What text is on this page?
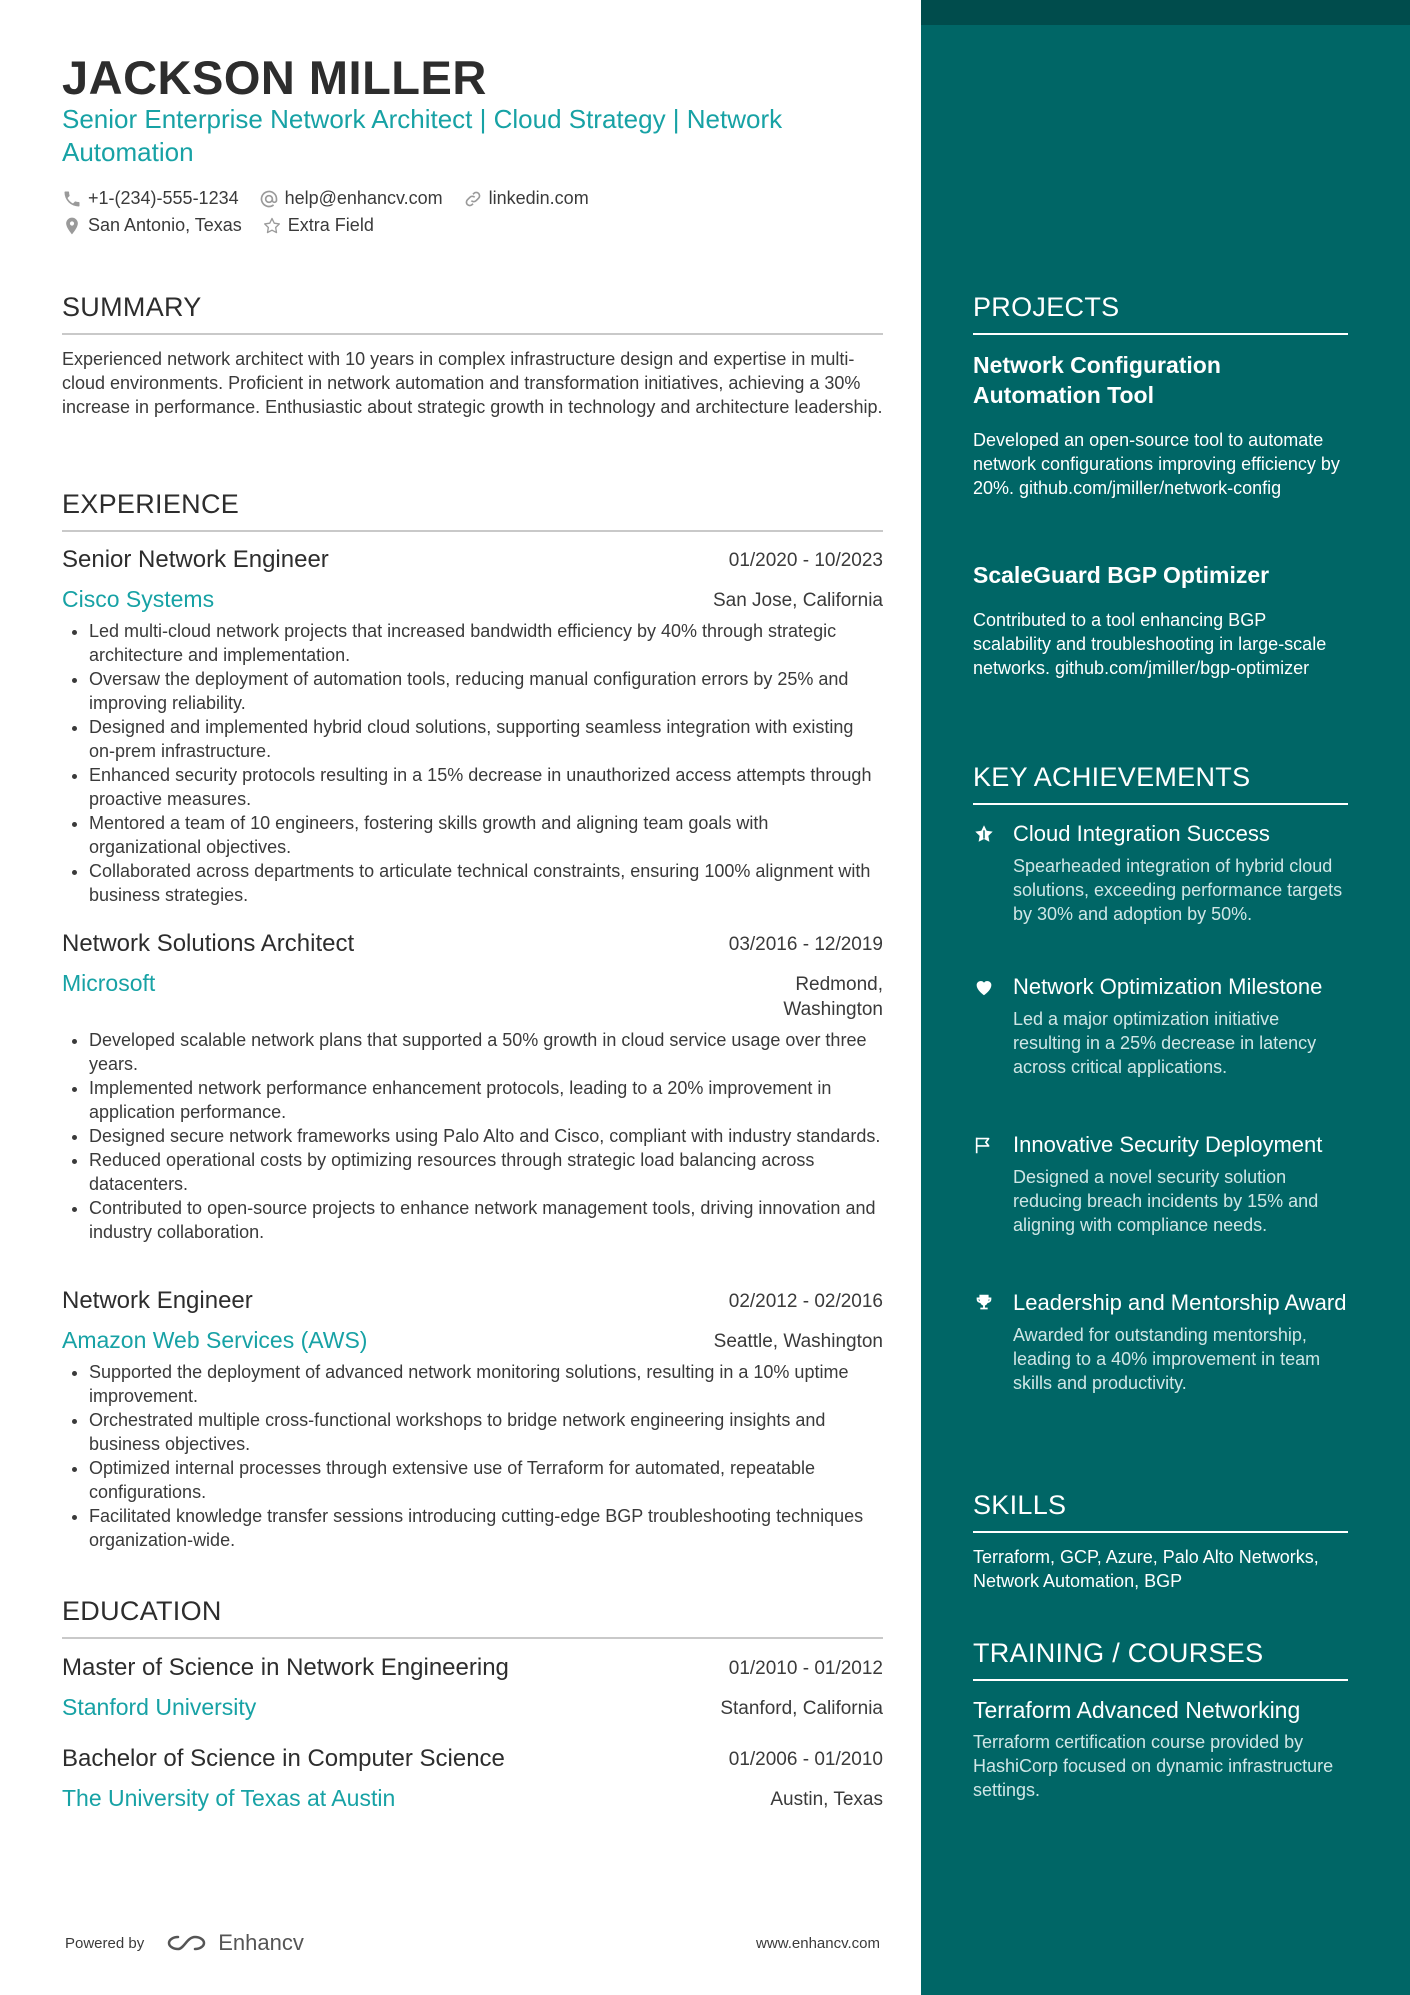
JACKSON MILLER
Senior Enterprise Network Architect | Cloud Strategy | Network Automation
+1-(234)-555-1234	help@enhancv.com	linkedin.com
San Antonio, Texas	Extra Field
SUMMARY
Experienced network architect with 10 years in complex infrastructure design and expertise in multi-cloud environments. Proficient in network automation and transformation initiatives, achieving a 30% increase in performance. Enthusiastic about strategic growth in technology and architecture leadership.
EXPERIENCE
Senior Network Engineer	01/2020 - 10/2023
Cisco Systems	San Jose, California
• Led multi-cloud network projects that increased bandwidth efficiency by 40% through strategic architecture and implementation.
• Oversaw the deployment of automation tools, reducing manual configuration errors by 25% and improving reliability.
• Designed and implemented hybrid cloud solutions, supporting seamless integration with existing on-prem infrastructure.
• Enhanced security protocols resulting in a 15% decrease in unauthorized access attempts through proactive measures.
• Mentored a team of 10 engineers, fostering skills growth and aligning team goals with organizational objectives.
• Collaborated across departments to articulate technical constraints, ensuring 100% alignment with business strategies.
Network Solutions Architect	03/2016 - 12/2019
Microsoft	Redmond, Washington
• Developed scalable network plans that supported a 50% growth in cloud service usage over three years.
• Implemented network performance enhancement protocols, leading to a 20% improvement in application performance.
• Designed secure network frameworks using Palo Alto and Cisco, compliant with industry standards.
• Reduced operational costs by optimizing resources through strategic load balancing across datacenters.
• Contributed to open-source projects to enhance network management tools, driving innovation and industry collaboration.
Network Engineer	02/2012 - 02/2016
Amazon Web Services (AWS)	Seattle, Washington
• Supported the deployment of advanced network monitoring solutions, resulting in a 10% uptime improvement.
• Orchestrated multiple cross-functional workshops to bridge network engineering insights and business objectives.
• Optimized internal processes through extensive use of Terraform for automated, repeatable configurations.
• Facilitated knowledge transfer sessions introducing cutting-edge BGP troubleshooting techniques organization-wide.
EDUCATION
Master of Science in Network Engineering	01/2010 - 01/2012
Stanford University	Stanford, California
Bachelor of Science in Computer Science	01/2006 - 01/2010
The University of Texas at Austin	Austin, Texas
Powered by	Enhancv	www.enhancv.com
PROJECTS
Network Configuration Automation Tool
Developed an open-source tool to automate network configurations improving efficiency by 20%. github.com/jmiller/network-config
ScaleGuard BGP Optimizer
Contributed to a tool enhancing BGP scalability and troubleshooting in large-scale networks. github.com/jmiller/bgp-optimizer
KEY ACHIEVEMENTS
Cloud Integration Success
Spearheaded integration of hybrid cloud solutions, exceeding performance targets by 30% and adoption by 50%.
Network Optimization Milestone
Led a major optimization initiative resulting in a 25% decrease in latency across critical applications.
Innovative Security Deployment
Designed a novel security solution reducing breach incidents by 15% and aligning with compliance needs.
Leadership and Mentorship Award
Awarded for outstanding mentorship, leading to a 40% improvement in team skills and productivity.
SKILLS
Terraform, GCP, Azure, Palo Alto Networks, Network Automation, BGP
TRAINING / COURSES
Terraform Advanced Networking
Terraform certification course provided by HashiCorp focused on dynamic infrastructure settings.
